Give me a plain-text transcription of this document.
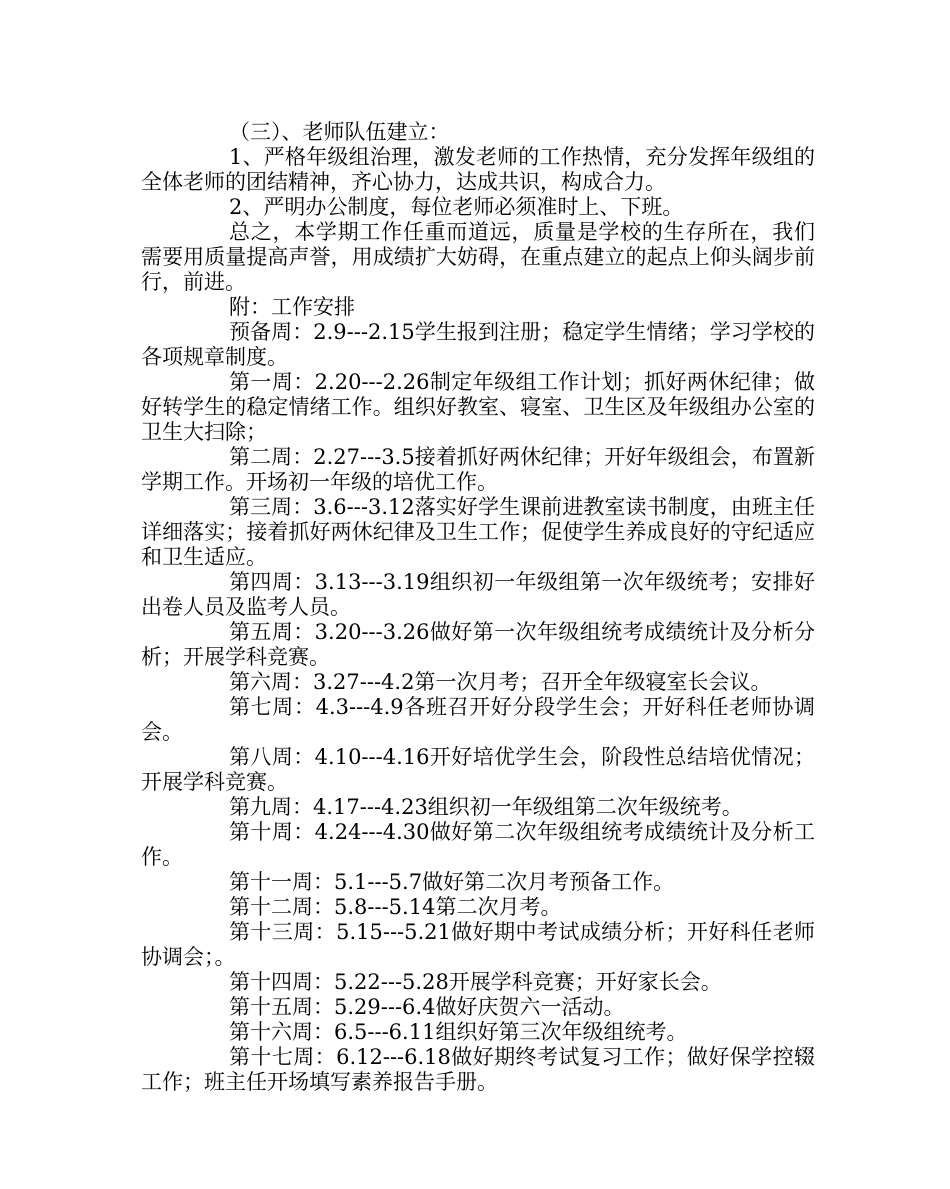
（三）、老师队伍建立：

1、严格年级组治理，激发老师的工作热情，充分发挥年级组的全体老师的团结精神，齐心协力，达成共识，构成合力。

2、严明办公制度，每位老师必须准时上、下班。

总之，本学期工作任重而道远，质量是学校的生存所在，我们需要用质量提高声誉，用成绩扩大妨碍，在重点建立的起点上仰头阔步前行，前进。

附：工作安排

预备周：2.9---2.15学生报到注册；稳定学生情绪；学习学校的各项规章制度。

第一周：2.20---2.26制定年级组工作计划；抓好两休纪律；做好转学生的稳定情绪工作。组织好教室、寝室、卫生区及年级组办公室的卫生大扫除；

第二周：2.27---3.5接着抓好两休纪律；开好年级组会，布置新学期工作。开场初一年级的培优工作。

第三周：3.6---3.12落实好学生课前进教室读书制度，由班主任详细落实；接着抓好两休纪律及卫生工作；促使学生养成良好的守纪适应和卫生适应。

第四周：3.13---3.19组织初一年级组第一次年级统考；安排好出卷人员及监考人员。

第五周：3.20---3.26做好第一次年级组统考成绩统计及分析分析；开展学科竞赛。

第六周：3.27---4.2第一次月考；召开全年级寝室长会议。

第七周：4.3---4.9各班召开好分段学生会；开好科任老师协调会。

第八周：4.10---4.16开好培优学生会，阶段性总结培优情况；开展学科竞赛。

第九周：4.17---4.23组织初一年级组第二次年级统考。

第十周：4.24---4.30做好第二次年级组统考成绩统计及分析工作。

第十一周：5.1---5.7做好第二次月考预备工作。

第十二周：5.8---5.14第二次月考。

第十三周：5.15---5.21做好期中考试成绩分析；开好科任老师协调会；。

第十四周：5.22---5.28开展学科竞赛；开好家长会。

第十五周：5.29---6.4做好庆贺六一活动。

第十六周：6.5---6.11组织好第三次年级组统考。

第十七周：6.12---6.18做好期终考试复习工作；做好保学控辍工作；班主任开场填写素养报告手册。
